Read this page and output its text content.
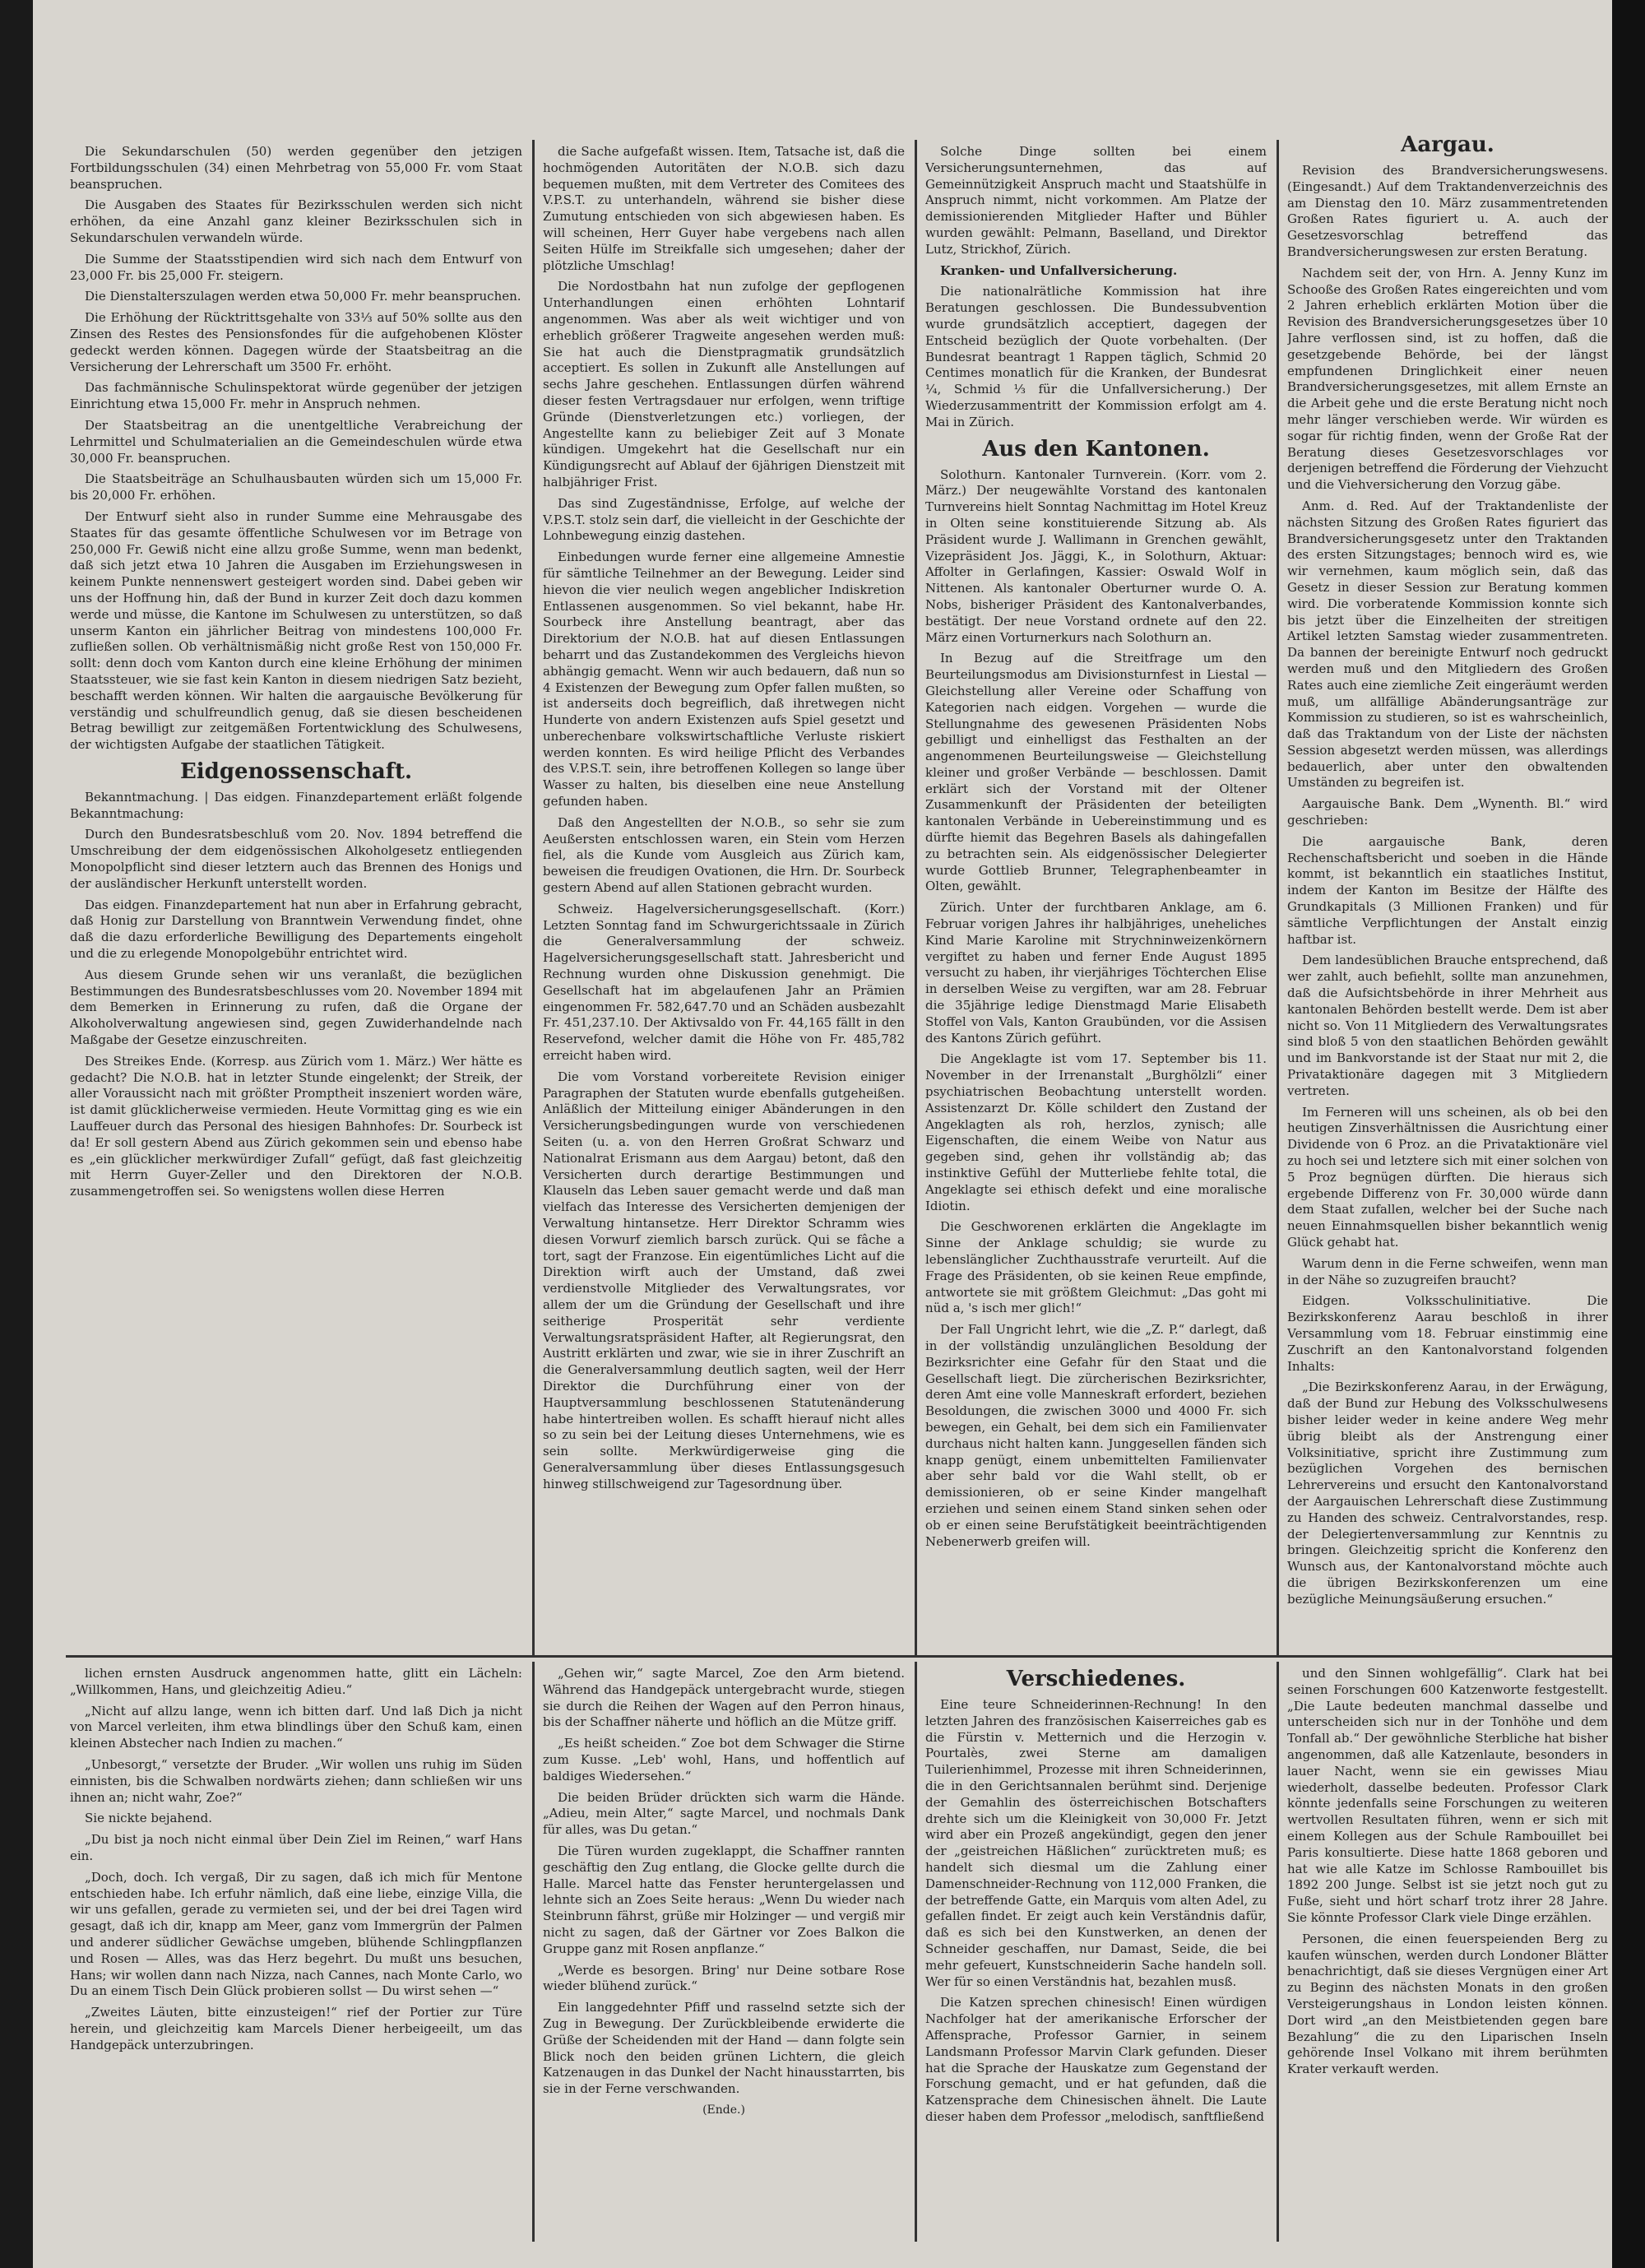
Die Sekundarschulen (50) werden gegenüber den jetzigen Fortbildungsschulen (34) einen Mehrbetrag von 55,000 Fr. vom Staat beanspruchen.

Die Ausgaben des Staates für Bezirksschulen werden sich nicht erhöhen, da eine Anzahl ganz kleiner Bezirksschulen sich in Sekundarschulen verwandeln würde.

Die Summe der Staatsstipendien wird sich nach dem Entwurf von 23,000 Fr. bis 25,000 Fr. steigern.

Die Dienstalterszulagen werden etwa 50,000 Fr. mehr beanspruchen.

Die Erhöhung der Rücktrittsgehalte von 33⅓ auf 50% sollte aus den Zinsen des Restes des Pensionsfondes für die aufgehobenen Klöster gedeckt werden können. Dagegen würde der Staatsbeitrag an die Versicherung der Lehrerschaft um 3500 Fr. erhöht.

Das fachmännische Schulinspektorat würde gegenüber der jetzigen Einrichtung etwa 15,000 Fr. mehr in Anspruch nehmen.

Der Staatsbeitrag an die unentgeltliche Verabreichung der Lehrmittel und Schulmaterialien an die Gemeindeschulen würde etwa 30,000 Fr. beanspruchen.

Die Staatsbeiträge an Schulhausbauten würden sich um 15,000 Fr. bis 20,000 Fr. erhöhen.

Der Entwurf sieht also in runder Summe eine Mehrausgabe des Staates für das gesamte öffentliche Schulwesen vor im Betrage von 250,000 Fr. Gewiß nicht eine allzu große Summe, wenn man bedenkt, daß sich jetzt etwa 10 Jahren die Ausgaben im Erziehungswesen in keinem Punkte nennenswert gesteigert worden sind. Dabei geben wir uns der Hoffnung hin, daß der Bund in kurzer Zeit doch dazu kommen werde und müsse, die Kantone im Schulwesen zu unterstützen, so daß unserm Kanton ein jährlicher Beitrag von mindestens 100,000 Fr. zufließen sollen. Ob verhältnismäßig nicht große Rest von 150,000 Fr. sollt: denn doch vom Kanton durch eine kleine Erhöhung der minimen Staatssteuer, wie sie fast kein Kanton in diesem niedrigen Satz bezieht, beschafft werden können. Wir halten die aargauische Bevölkerung für verständig und schulfreundlich genug, daß sie diesen bescheidenen Betrag bewilligt zur zeitgemäßen Fortentwicklung des Schulwesens, der wichtigsten Aufgabe der staatlichen Tätigkeit.

Eidgenossenschaft.

Bekanntmachung. | Das eidgen. Finanzdepartement erläßt folgende Bekanntmachung:

Durch den Bundesratsbeschluß vom 20. Nov. 1894 betreffend die Umschreibung der dem eidgenössischen Alkoholgesetz entliegenden Monopolpflicht sind dieser letztern auch das Brennen des Honigs und der ausländischer Herkunft unterstellt worden.

Das eidgen. Finanzdepartement hat nun aber in Erfahrung gebracht, daß Honig zur Darstellung von Branntwein Verwendung findet, ohne daß die dazu erforderliche Bewilligung des Departements eingeholt und die zu erlegende Monopolgebühr entrichtet wird.

Aus diesem Grunde sehen wir uns veranlaßt, die bezüglichen Bestimmungen des Bundesratsbeschlusses vom 20. November 1894 mit dem Bemerken in Erinnerung zu rufen, daß die Organe der Alkoholverwaltung angewiesen sind, gegen Zuwiderhandelnde nach Maßgabe der Gesetze einzuschreiten.

Des Streikes Ende. (Korresp. aus Zürich vom 1. März.) Wer hätte es gedacht? Die N.O.B. hat in letzter Stunde eingelenkt; der Streik, der aller Voraussicht nach mit größter Promptheit inszeniert worden wäre, ist damit glücklicherweise vermieden. Heute Vormittag ging es wie ein Lauffeuer durch das Personal des hiesigen Bahnhofes: Dr. Sourbeck ist da! Er soll gestern Abend aus Zürich gekommen sein und ebenso habe es „ein glücklicher merkwürdiger Zufall“ gefügt, daß fast gleichzeitig mit Herrn Guyer-Zeller und den Direktoren der N.O.B. zusammengetroffen sei. So wenigstens wollen diese Herren

die Sache aufgefaßt wissen. Item, Tatsache ist, daß die hochmögenden Autoritäten der N.O.B. sich dazu bequemen mußten, mit dem Vertreter des Comitees des V.P.S.T. zu unterhandeln, während sie bisher diese Zumutung entschieden von sich abgewiesen haben. Es will scheinen, Herr Guyer habe vergebens nach allen Seiten Hülfe im Streikfalle sich umgesehen; daher der plötzliche Umschlag!

Die Nordostbahn hat nun zufolge der gepflogenen Unterhandlungen einen erhöhten Lohntarif angenommen. Was aber als weit wichtiger und von erheblich größerer Tragweite angesehen werden muß: Sie hat auch die Dienstpragmatik grundsätzlich acceptiert. Es sollen in Zukunft alle Anstellungen auf sechs Jahre geschehen. Entlassungen dürfen während dieser festen Vertragsdauer nur erfolgen, wenn triftige Gründe (Dienstverletzungen etc.) vorliegen, der Angestellte kann zu beliebiger Zeit auf 3 Monate kündigen. Umgekehrt hat die Gesellschaft nur ein Kündigungsrecht auf Ablauf der 6jährigen Dienstzeit mit halbjähriger Frist.

Das sind Zugeständnisse, Erfolge, auf welche der V.P.S.T. stolz sein darf, die vielleicht in der Geschichte der Lohnbewegung einzig dastehen.

Einbedungen wurde ferner eine allgemeine Amnestie für sämtliche Teilnehmer an der Bewegung. Leider sind hievon die vier neulich wegen angeblicher Indiskretion Entlassenen ausgenommen. So viel bekannt, habe Hr. Sourbeck ihre Anstellung beantragt, aber das Direktorium der N.O.B. hat auf diesen Entlassungen beharrt und das Zustandekommen des Vergleichs hievon abhängig gemacht. Wenn wir auch bedauern, daß nun so 4 Existenzen der Bewegung zum Opfer fallen mußten, so ist anderseits doch begreiflich, daß ihretwegen nicht Hunderte von andern Existenzen aufs Spiel gesetzt und unberechenbare volkswirtschaftliche Verluste riskiert werden konnten. Es wird heilige Pflicht des Verbandes des V.P.S.T. sein, ihre betroffenen Kollegen so lange über Wasser zu halten, bis dieselben eine neue Anstellung gefunden haben.

Daß den Angestellten der N.O.B., so sehr sie zum Aeußersten entschlossen waren, ein Stein vom Herzen fiel, als die Kunde vom Ausgleich aus Zürich kam, beweisen die freudigen Ovationen, die Hrn. Dr. Sourbeck gestern Abend auf allen Stationen gebracht wurden.

Schweiz. Hagelversicherungsgesellschaft. (Korr.) Letzten Sonntag fand im Schwurgerichtssaale in Zürich die Generalversammlung der schweiz. Hagelversicherungsgesellschaft statt. Jahresbericht und Rechnung wurden ohne Diskussion genehmigt. Die Gesellschaft hat im abgelaufenen Jahr an Prämien eingenommen Fr. 582,647.70 und an Schäden ausbezahlt Fr. 451,237.10. Der Aktivsaldo von Fr. 44,165 fällt in den Reservefond, welcher damit die Höhe von Fr. 485,782 erreicht haben wird.

Die vom Vorstand vorbereitete Revision einiger Paragraphen der Statuten wurde ebenfalls gutgeheißen. Anläßlich der Mitteilung einiger Abänderungen in den Versicherungsbedingungen wurde von verschiedenen Seiten (u. a. von den Herren Großrat Schwarz und Nationalrat Erismann aus dem Aargau) betont, daß den Versicherten durch derartige Bestimmungen und Klauseln das Leben sauer gemacht werde und daß man vielfach das Interesse des Versicherten demjenigen der Verwaltung hintansetze. Herr Direktor Schramm wies diesen Vorwurf ziemlich barsch zurück. Qui se fâche a tort, sagt der Franzose. Ein eigentümliches Licht auf die Direktion wirft auch der Umstand, daß zwei verdienstvolle Mitglieder des Verwaltungsrates, vor allem der um die Gründung der Gesellschaft und ihre seitherige Prosperität sehr verdiente Verwaltungsratspräsident Hafter, alt Regierungsrat, den Austritt erklärten und zwar, wie sie in ihrer Zuschrift an die Generalversammlung deutlich sagten, weil der Herr Direktor die Durchführung einer von der Hauptversammlung beschlossenen Statutenänderung habe hintertreiben wollen. Es schafft hierauf nicht alles so zu sein bei der Leitung dieses Unternehmens, wie es sein sollte. Merkwürdigerweise ging die Generalversammlung über dieses Entlassungsgesuch hinweg stillschweigend zur Tagesordnung über.

Solche Dinge sollten bei einem Versicherungsunternehmen, das auf Gemeinnützigkeit Anspruch macht und Staatshülfe in Anspruch nimmt, nicht vorkommen. Am Platze der demissionierenden Mitglieder Hafter und Bühler wurden gewählt: Pelmann, Baselland, und Direktor Lutz, Strickhof, Zürich.

Kranken- und Unfallversicherung.

Die nationalrätliche Kommission hat ihre Beratungen geschlossen. Die Bundessubvention wurde grundsätzlich acceptiert, dagegen der Entscheid bezüglich der Quote vorbehalten. (Der Bundesrat beantragt 1 Rappen täglich, Schmid 20 Centimes monatlich für die Kranken, der Bundesrat ¼, Schmid ⅓ für die Unfallversicherung.) Der Wiederzusammentritt der Kommission erfolgt am 4. Mai in Zürich.

Aus den Kantonen.

Solothurn. Kantonaler Turnverein. (Korr. vom 2. März.) Der neugewählte Vorstand des kantonalen Turnvereins hielt Sonntag Nachmittag im Hotel Kreuz in Olten seine konstituierende Sitzung ab. Als Präsident wurde J. Wallimann in Grenchen gewählt, Vizepräsident Jos. Jäggi, K., in Solothurn, Aktuar: Affolter in Gerlafingen, Kassier: Oswald Wolf in Nittenen. Als kantonaler Oberturner wurde O. A. Nobs, bisheriger Präsident des Kantonalverbandes, bestätigt. Der neue Vorstand ordnete auf den 22. März einen Vorturnerkurs nach Solothurn an.

In Bezug auf die Streitfrage um den Beurteilungsmodus am Divisionsturnfest in Liestal — Gleichstellung aller Vereine oder Schaffung von Kategorien nach eidgen. Vorgehen — wurde die Stellungnahme des gewesenen Präsidenten Nobs gebilligt und einhelligst das Festhalten an der angenommenen Beurteilungsweise — Gleichstellung kleiner und großer Verbände — beschlossen. Damit erklärt sich der Vorstand mit der Oltener Zusammenkunft der Präsidenten der beteiligten kantonalen Verbände in Uebereinstimmung und es dürfte hiemit das Begehren Basels als dahingefallen zu betrachten sein. Als eidgenössischer Delegierter wurde Gottlieb Brunner, Telegraphenbeamter in Olten, gewählt.

Zürich. Unter der furchtbaren Anklage, am 6. Februar vorigen Jahres ihr halbjähriges, uneheliches Kind Marie Karoline mit Strychninweizenkörnern vergiftet zu haben und ferner Ende August 1895 versucht zu haben, ihr vierjähriges Töchterchen Elise in derselben Weise zu vergiften, war am 28. Februar die 35jährige ledige Dienstmagd Marie Elisabeth Stoffel von Vals, Kanton Graubünden, vor die Assisen des Kantons Zürich geführt.

Die Angeklagte ist vom 17. September bis 11. November in der Irrenanstalt „Burghölzli“ einer psychiatrischen Beobachtung unterstellt worden. Assistenzarzt Dr. Kölle schildert den Zustand der Angeklagten als roh, herzlos, zynisch; alle Eigenschaften, die einem Weibe von Natur aus gegeben sind, gehen ihr vollständig ab; das instinktive Gefühl der Mutterliebe fehlte total, die Angeklagte sei ethisch defekt und eine moralische Idiotin.

Die Geschworenen erklärten die Angeklagte im Sinne der Anklage schuldig; sie wurde zu lebenslänglicher Zuchthausstrafe verurteilt. Auf die Frage des Präsidenten, ob sie keinen Reue empfinde, antwortete sie mit größtem Gleichmut: „Das goht mi nüd a, 's isch mer glich!“

Der Fall Ungricht lehrt, wie die „Z. P.“ darlegt, daß in der vollständig unzulänglichen Besoldung der Bezirksrichter eine Gefahr für den Staat und die Gesellschaft liegt. Die zürcherischen Bezirksrichter, deren Amt eine volle Manneskraft erfordert, beziehen Besoldungen, die zwischen 3000 und 4000 Fr. sich bewegen, ein Gehalt, bei dem sich ein Familienvater durchaus nicht halten kann. Junggesellen fänden sich knapp genügt, einem unbemittelten Familienvater aber sehr bald vor die Wahl stellt, ob er demissionieren, ob er seine Kinder mangelhaft erziehen und seinen einem Stand sinken sehen oder ob er einen seine Berufstätigkeit beeinträchtigenden Nebenerwerb greifen will.

Aargau.

Revision des Brandversicherungswesens. (Eingesandt.) Auf dem Traktandenverzeichnis des am Dienstag den 10. März zusammentretenden Großen Rates figuriert u. A. auch der Gesetzesvorschlag betreffend das Brandversicherungswesen zur ersten Beratung.

Nachdem seit der, von Hrn. A. Jenny Kunz im Schooße des Großen Rates eingereichten und vom 2 Jahren erheblich erklärten Motion über die Revision des Brandversicherungsgesetzes über 10 Jahre verflossen sind, ist zu hoffen, daß die gesetzgebende Behörde, bei der längst empfundenen Dringlichkeit einer neuen Brandversicherungsgesetzes, mit allem Ernste an die Arbeit gehe und die erste Beratung nicht noch mehr länger verschieben werde. Wir würden es sogar für richtig finden, wenn der Große Rat der Beratung dieses Gesetzesvorschlages vor derjenigen betreffend die Förderung der Viehzucht und die Viehversicherung den Vorzug gäbe.

Anm. d. Red. Auf der Traktandenliste der nächsten Sitzung des Großen Rates figuriert das Brandversicherungsgesetz unter den Traktanden des ersten Sitzungstages; bennoch wird es, wie wir vernehmen, kaum möglich sein, daß das Gesetz in dieser Session zur Beratung kommen wird. Die vorberatende Kommission konnte sich bis jetzt über die Einzelheiten der streitigen Artikel letzten Samstag wieder zusammentreten. Da bannen der bereinigte Entwurf noch gedruckt werden muß und den Mitgliedern des Großen Rates auch eine ziemliche Zeit eingeräumt werden muß, um allfällige Abänderungsanträge zur Kommission zu studieren, so ist es wahrscheinlich, daß das Traktandum von der Liste der nächsten Session abgesetzt werden müssen, was allerdings bedauerlich, aber unter den obwaltenden Umständen zu begreifen ist.

Aargauische Bank. Dem „Wynenth. Bl.“ wird geschrieben:

Die aargauische Bank, deren Rechenschaftsbericht und soeben in die Hände kommt, ist bekanntlich ein staatliches Institut, indem der Kanton im Besitze der Hälfte des Grundkapitals (3 Millionen Franken) und für sämtliche Verpflichtungen der Anstalt einzig haftbar ist.

Dem landesüblichen Brauche entsprechend, daß wer zahlt, auch befiehlt, sollte man anzunehmen, daß die Aufsichtsbehörde in ihrer Mehrheit aus kantonalen Behörden bestellt werde. Dem ist aber nicht so. Von 11 Mitgliedern des Verwaltungsrates sind bloß 5 von den staatlichen Behörden gewählt und im Bankvorstande ist der Staat nur mit 2, die Privataktionäre dagegen mit 3 Mitgliedern vertreten.

Im Ferneren will uns scheinen, als ob bei den heutigen Zinsverhältnissen die Ausrichtung einer Dividende von 6 Proz. an die Privataktionäre viel zu hoch sei und letztere sich mit einer solchen von 5 Proz begnügen dürften. Die hieraus sich ergebende Differenz von Fr. 30,000 würde dann dem Staat zufallen, welcher bei der Suche nach neuen Einnahmsquellen bisher bekanntlich wenig Glück gehabt hat.

Warum denn in die Ferne schweifen, wenn man in der Nähe so zuzugreifen braucht?

Eidgen. Volksschulinitiative. Die Bezirkskonferenz Aarau beschloß in ihrer Versammlung vom 18. Februar einstimmig eine Zuschrift an den Kantonalvorstand folgenden Inhalts:

„Die Bezirkskonferenz Aarau, in der Erwägung, daß der Bund zur Hebung des Volksschulwesens bisher leider weder in keine andere Weg mehr übrig bleibt als der Anstrengung einer Volksinitiative, spricht ihre Zustimmung zum bezüglichen Vorgehen des bernischen Lehrervereins und ersucht den Kantonalvorstand der Aargauischen Lehrerschaft diese Zustimmung zu Handen des schweiz. Centralvorstandes, resp. der Delegiertenversammlung zur Kenntnis zu bringen. Gleichzeitig spricht die Konferenz den Wunsch aus, der Kantonalvorstand möchte auch die übrigen Bezirkskonferenzen um eine bezügliche Meinungsäußerung ersuchen.“

lichen ernsten Ausdruck angenommen hatte, glitt ein Lächeln: „Willkommen, Hans, und gleichzeitig Adieu.“

„Nicht auf allzu lange, wenn ich bitten darf. Und laß Dich ja nicht von Marcel verleiten, ihm etwa blindlings über den Schuß kam, einen kleinen Abstecher nach Indien zu machen.“

„Unbesorgt,“ versetzte der Bruder. „Wir wollen uns ruhig im Süden einnisten, bis die Schwalben nordwärts ziehen; dann schließen wir uns ihnen an; nicht wahr, Zoe?“

Sie nickte bejahend.

„Du bist ja noch nicht einmal über Dein Ziel im Reinen,“ warf Hans ein.

„Doch, doch. Ich vergaß, Dir zu sagen, daß ich mich für Mentone entschieden habe. Ich erfuhr nämlich, daß eine liebe, einzige Villa, die wir uns gefallen, gerade zu vermieten sei, und der bei drei Tagen wird gesagt, daß ich dir, knapp am Meer, ganz vom Immergrün der Palmen und anderer südlicher Gewächse umgeben, blühende Schlingpflanzen und Rosen — Alles, was das Herz begehrt. Du mußt uns besuchen, Hans; wir wollen dann nach Nizza, nach Cannes, nach Monte Carlo, wo Du an einem Tisch Dein Glück probieren sollst — Du wirst sehen —“

„Zweites Läuten, bitte einzusteigen!“ rief der Portier zur Türe herein, und gleichzeitig kam Marcels Diener herbeigeeilt, um das Handgepäck unterzubringen.

„Gehen wir,“ sagte Marcel, Zoe den Arm bietend. Während das Handgepäck untergebracht wurde, stiegen sie durch die Reihen der Wagen auf den Perron hinaus, bis der Schaffner näherte und höflich an die Mütze griff.

„Es heißt scheiden.“ Zoe bot dem Schwager die Stirne zum Kusse. „Leb' wohl, Hans, und hoffentlich auf baldiges Wiedersehen.“

Die beiden Brüder drückten sich warm die Hände. „Adieu, mein Alter,“ sagte Marcel, und nochmals Dank für alles, was Du getan.“

Die Türen wurden zugeklappt, die Schaffner rannten geschäftig den Zug entlang, die Glocke gellte durch die Halle. Marcel hatte das Fenster heruntergelassen und lehnte sich an Zoes Seite heraus: „Wenn Du wieder nach Steinbrunn fährst, grüße mir Holzinger — und vergiß mir nicht zu sagen, daß der Gärtner vor Zoes Balkon die Gruppe ganz mit Rosen anpflanze.“

„Werde es besorgen. Bring' nur Deine sotbare Rose wieder blühend zurück.“

Ein langgedehnter Pfiff und rasselnd setzte sich der Zug in Bewegung. Der Zurückbleibende erwiderte die Grüße der Scheidenden mit der Hand — dann folgte sein Blick noch den beiden grünen Lichtern, die gleich Katzenaugen in das Dunkel der Nacht hinausstarrten, bis sie in der Ferne verschwanden.

(Ende.)

Verschiedenes.

Eine teure Schneiderinnen-Rechnung! In den letzten Jahren des französischen Kaiserreiches gab es die Fürstin v. Metternich und die Herzogin v. Pourtalès, zwei Sterne am damaligen Tuilerienhimmel, Prozesse mit ihren Schneiderinnen, die in den Gerichtsannalen berühmt sind. Derjenige der Gemahlin des österreichischen Botschafters drehte sich um die Kleinigkeit von 30,000 Fr. Jetzt wird aber ein Prozeß angekündigt, gegen den jener der „geistreichen Häßlichen“ zurücktreten muß; es handelt sich diesmal um die Zahlung einer Damenschneider-Rechnung von 112,000 Franken, die der betreffende Gatte, ein Marquis vom alten Adel, zu gefallen findet. Er zeigt auch kein Verständnis dafür, daß es sich bei den Kunstwerken, an denen der Schneider geschaffen, nur Damast, Seide, die bei mehr gefeuert, Kunstschneiderin Sache handeln soll. Wer für so einen Verständnis hat, bezahlen musß.

Die Katzen sprechen chinesisch! Einen würdigen Nachfolger hat der amerikanische Erforscher der Affensprache, Professor Garnier, in seinem Landsmann Professor Marvin Clark gefunden. Dieser hat die Sprache der Hauskatze zum Gegenstand der Forschung gemacht, und er hat gefunden, daß die Katzensprache dem Chinesischen ähnelt. Die Laute dieser haben dem Professor „melodisch, sanftfließend

und den Sinnen wohlgefällig“. Clark hat bei seinen Forschungen 600 Katzenworte festgestellt. „Die Laute bedeuten manchmal dasselbe und unterscheiden sich nur in der Tonhöhe und dem Tonfall ab.“ Der gewöhnliche Sterbliche hat bisher angenommen, daß alle Katzenlaute, besonders in lauer Nacht, wenn sie ein gewisses Miau wiederholt, dasselbe bedeuten. Professor Clark könnte jedenfalls seine Forschungen zu weiteren wertvollen Resultaten führen, wenn er sich mit einem Kollegen aus der Schule Rambouillet bei Paris konsultierte. Diese hatte 1868 geboren und hat wie alle Katze im Schlosse Rambouillet bis 1892 200 Junge. Selbst ist sie jetzt noch gut zu Fuße, sieht und hört scharf trotz ihrer 28 Jahre. Sie könnte Professor Clark viele Dinge erzählen.

Personen, die einen feuerspeienden Berg zu kaufen wünschen, werden durch Londoner Blätter benachrichtigt, daß sie dieses Vergnügen einer Art zu Beginn des nächsten Monats in den großen Versteigerungshaus in London leisten können. Dort wird „an den Meistbietenden gegen bare Bezahlung“ die zu den Liparischen Inseln gehörende Insel Volkano mit ihrem berühmten Krater verkauft werden.
